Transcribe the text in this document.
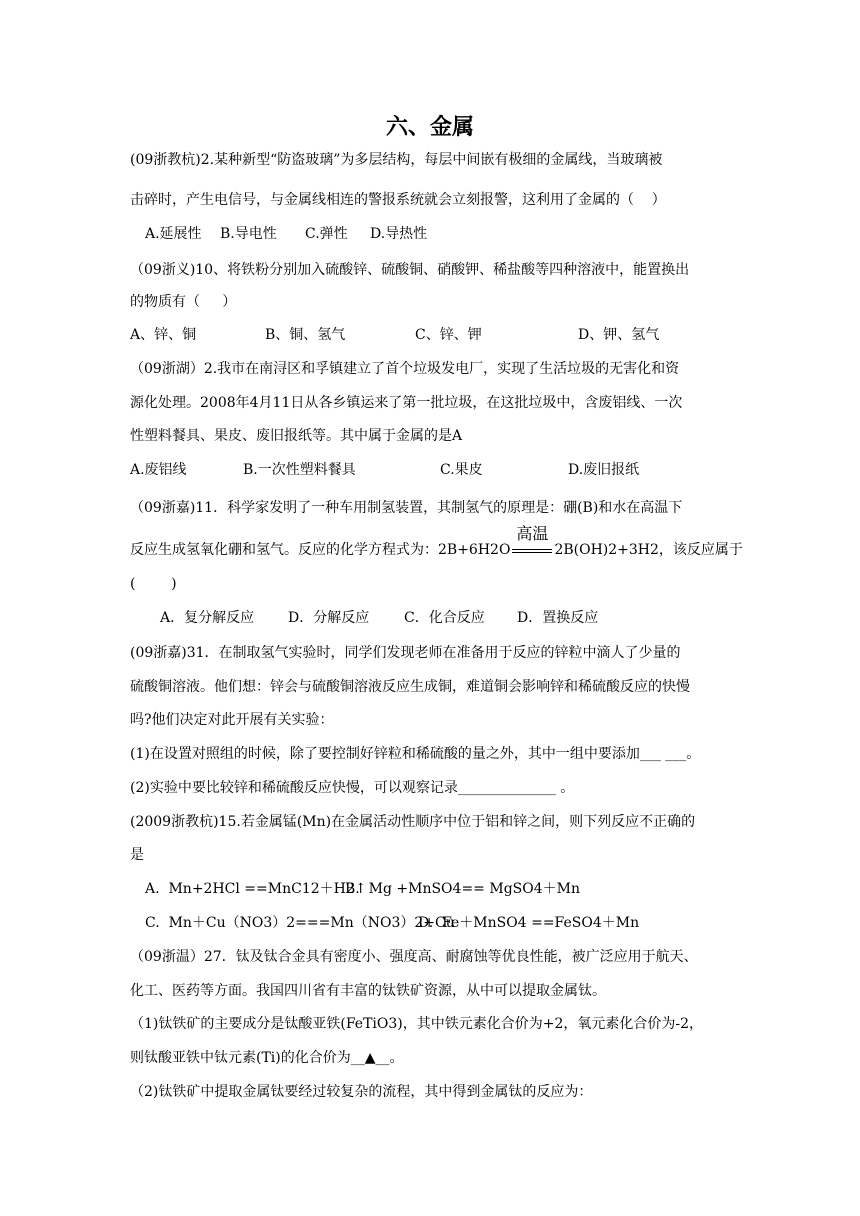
六、金属
(09浙教杭)2.某种新型“防盗玻璃”为多层结构，每层中间嵌有极细的金属线，当玻璃被
击碎时，产生电信号，与金属线相连的警报系统就会立刻报警，这利用了金属的（    ）
A.延展性 B.导电性 C.弹性 D.导热性
（09浙义)10、将铁粉分别加入硫酸锌、硫酸铜、硝酸钾、稀盐酸等四种溶液中，能置换出
的物质有（     ）
A、锌、铜	B、铜、氢气	C、锌、钾	D、钾、氢气
（09浙湖）2.我市在南浔区和孚镇建立了首个垃圾发电厂，实现了生活垃圾的无害化和资
源化处理。2008年4月11日从各乡镇运来了第一批垃圾，在这批垃圾中，含废铝线、一次
性塑料餐具、果皮、废旧报纸等。其中属于金属的是A
A.废铝线	B.一次性塑料餐具	C.果皮	D.废旧报纸
（09浙嘉)11．科学家发明了一种车用制氢装置，其制氢气的原理是：硼(B)和水在高温下
反应生成氢氧化硼和氢气。反应的化学方程式为：2B+6H2O
高温
2B(OH)2+3H2，该反应属于
(        )
A．复分解反应 D．分解反应 C．化合反应 D．置换反应
(09浙嘉)31．在制取氢气实验时，同学们发现老师在准备用于反应的锌粒中滴人了少量的
硫酸铜溶液。他们想：锌会与硫酸铜溶液反应生成铜，难道铜会影响锌和稀硫酸反应的快慢
吗?他们决定对此开展有关实验：
(1)在设置对照组的时候，除了要控制好锌粒和稀硫酸的量之外，其中一组中要添加___ ___。
(2)实验中要比较锌和稀硫酸反应快慢，可以观察记录______________ 。
(2009浙教杭)15.若金属锰(Mn)在金属活动性顺序中位于铝和锌之间，则下列反应不正确的
是
A.  Mn+2HCl ==MnC12＋H2↑
B.  Mg +MnSO4== MgSO4＋Mn
C.  Mn＋Cu（NO3）2===Mn（NO3）2+Cu
D.  Fe＋MnSO4 ==FeSO4＋Mn
（09浙温）27．钛及钛合金具有密度小、强度高、耐腐蚀等优良性能，被广泛应用于航天、
化工、医药等方面。我国四川省有丰富的钛铁矿资源，从中可以提取金属钛。
（1)钛铁矿的主要成分是钛酸亚铁(FeTiO3)，其中铁元素化合价为+2，氧元素化合价为-2，
则钛酸亚铁中钛元素(Ti)的化合价为__▲__。
（2)钛铁矿中提取金属钛要经过较复杂的流程，其中得到金属钛的反应为：
